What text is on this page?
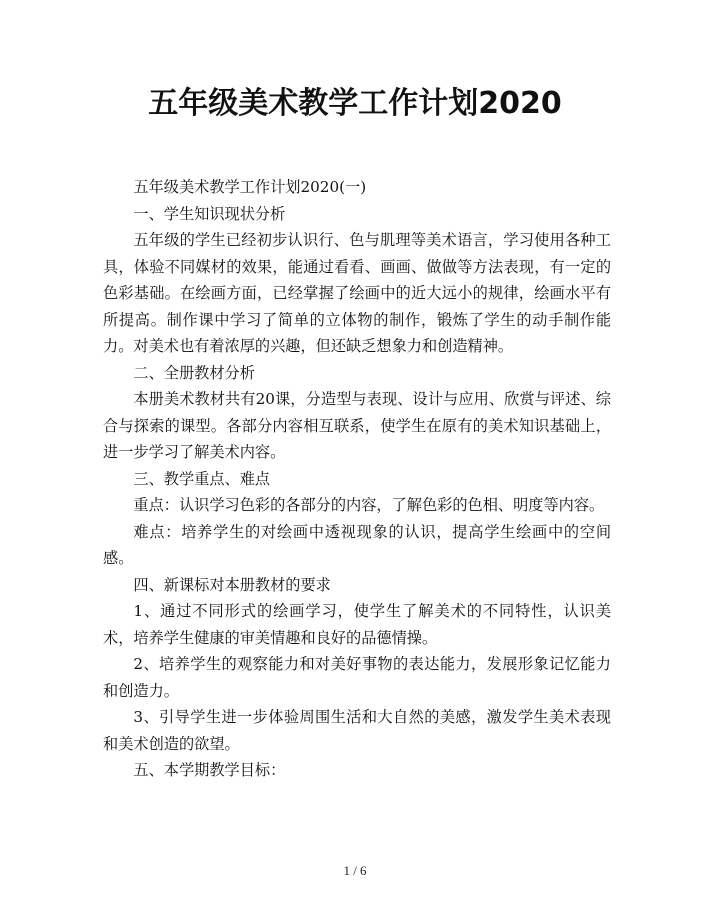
五年级美术教学工作计划2020

五年级美术教学工作计划2020(一)

一、学生知识现状分析

五年级的学生已经初步认识行、色与肌理等美术语言，学习使用各种工具，体验不同媒材的效果，能通过看看、画画、做做等方法表现，有一定的色彩基础。在绘画方面，已经掌握了绘画中的近大远小的规律，绘画水平有所提高。制作课中学习了简单的立体物的制作，锻炼了学生的动手制作能力。对美术也有着浓厚的兴趣，但还缺乏想象力和创造精神。

二、全册教材分析

本册美术教材共有20课，分造型与表现、设计与应用、欣赏与评述、综合与探索的课型。各部分内容相互联系，使学生在原有的美术知识基础上，进一步学习了解美术内容。

三、教学重点、难点

重点：认识学习色彩的各部分的内容，了解色彩的色相、明度等内容。

难点：培养学生的对绘画中透视现象的认识，提高学生绘画中的空间感。

四、新课标对本册教材的要求

1、通过不同形式的绘画学习，使学生了解美术的不同特性，认识美术，培养学生健康的审美情趣和良好的品德情操。

2、培养学生的观察能力和对美好事物的表达能力，发展形象记忆能力和创造力。

3、引导学生进一步体验周围生活和大自然的美感，激发学生美术表现和美术创造的欲望。

五、本学期教学目标：

1 / 6
